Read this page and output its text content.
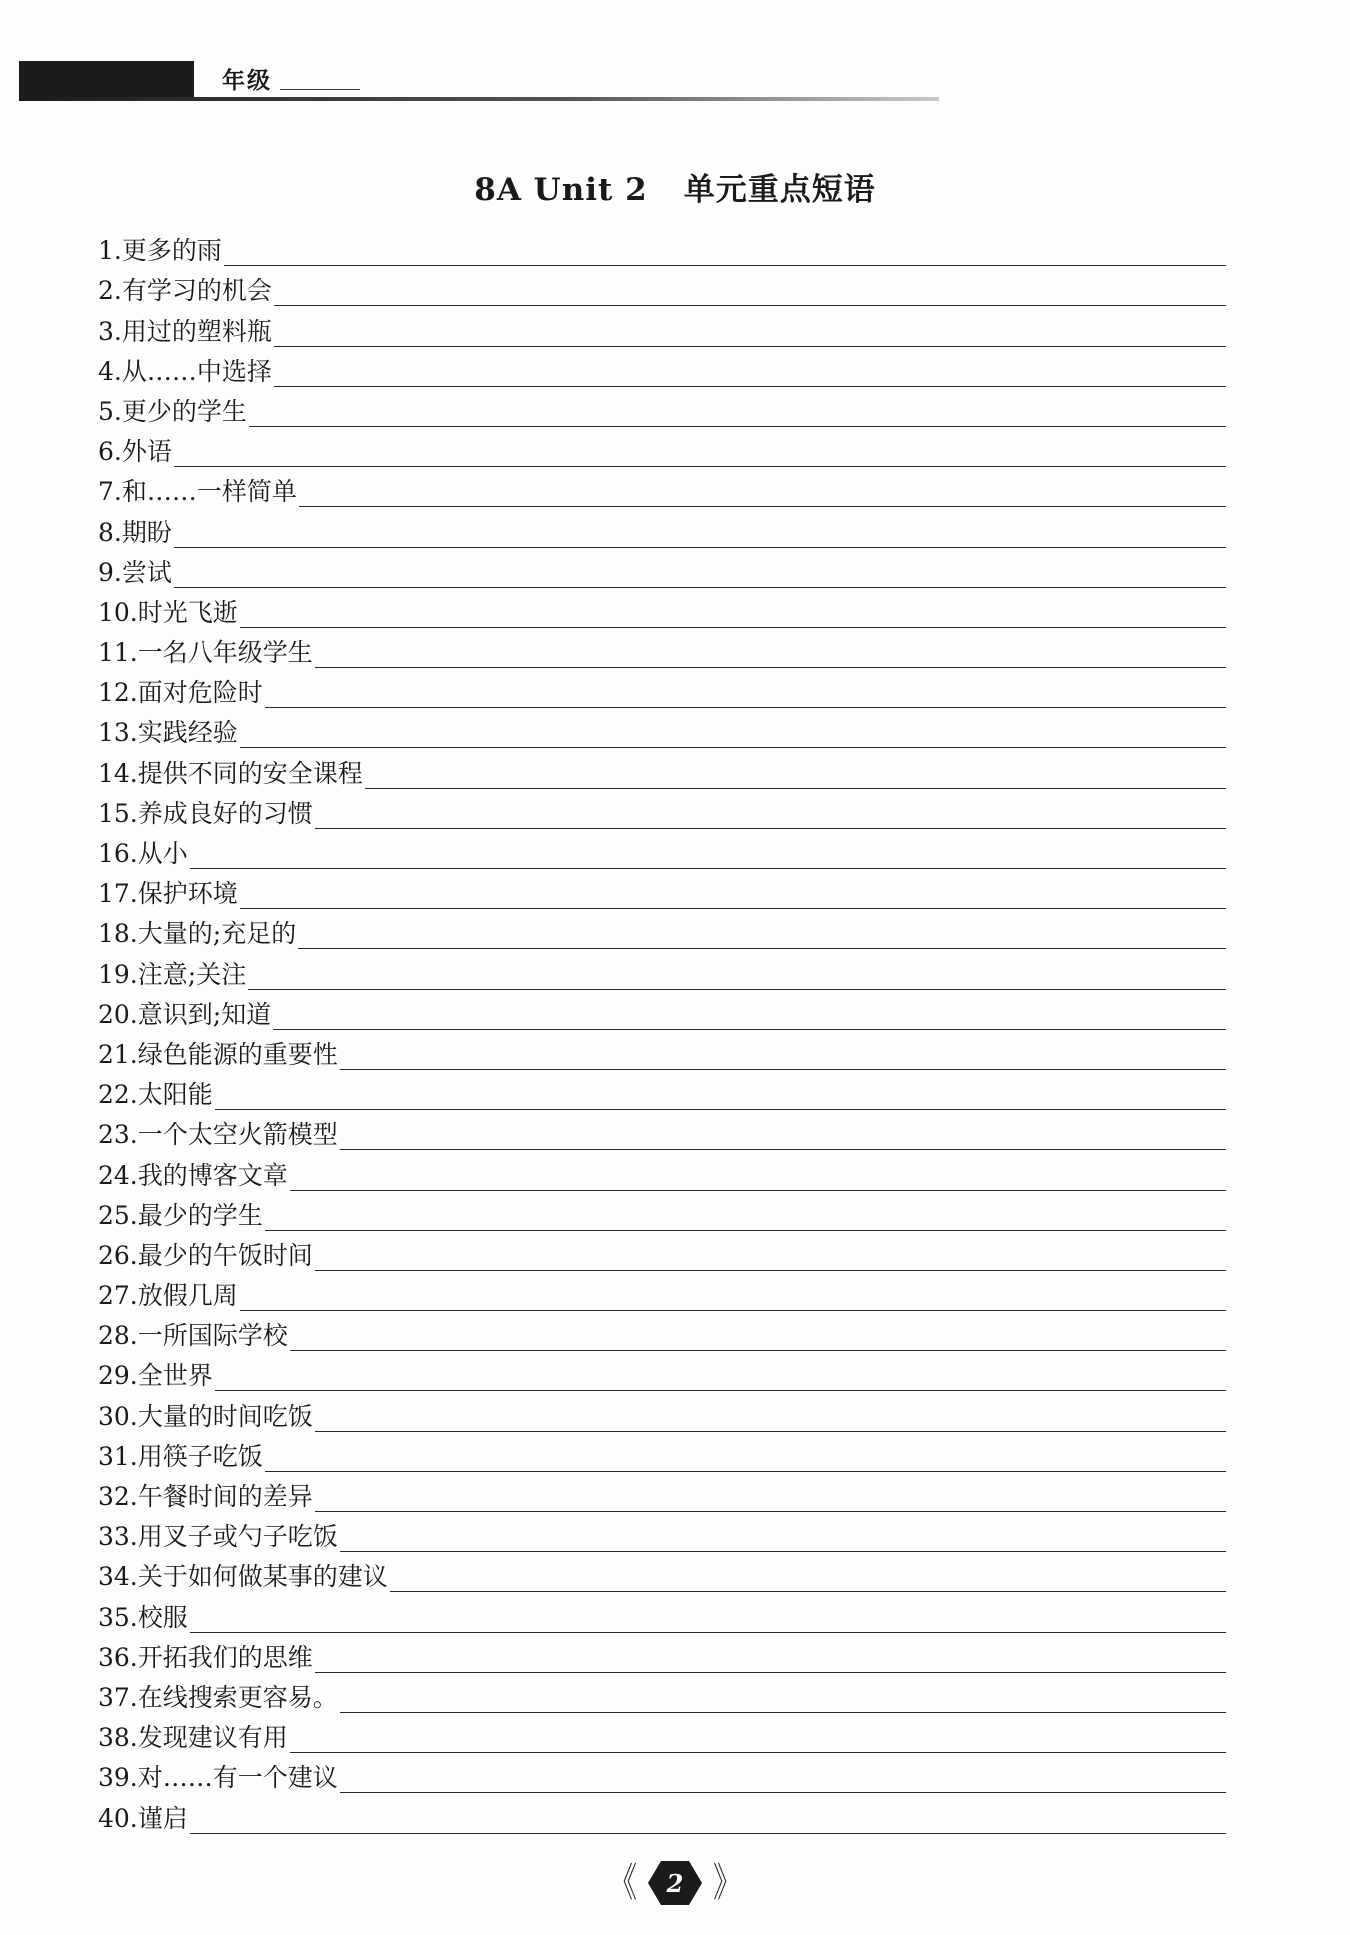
年级
8A Unit 2 单元重点短语
1. 更多的雨
2. 有学习的机会
3. 用过的塑料瓶
4. 从……中选择
5. 更少的学生
6. 外语
7. 和……一样简单
8. 期盼
9. 尝试
10. 时光飞逝
11. 一名八年级学生
12. 面对危险时
13. 实践经验
14. 提供不同的安全课程
15. 养成良好的习惯
16. 从小
17. 保护环境
18. 大量的;充足的
19. 注意;关注
20. 意识到;知道
21. 绿色能源的重要性
22. 太阳能
23. 一个太空火箭模型
24. 我的博客文章
25. 最少的学生
26. 最少的午饭时间
27. 放假几周
28. 一所国际学校
29. 全世界
30. 大量的时间吃饭
31. 用筷子吃饭
32. 午餐时间的差异
33. 用叉子或勺子吃饭
34. 关于如何做某事的建议
35. 校服
36. 开拓我们的思维
37. 在线搜索更容易。
38. 发现建议有用
39. 对……有一个建议
40. 谨启
《	2 》
